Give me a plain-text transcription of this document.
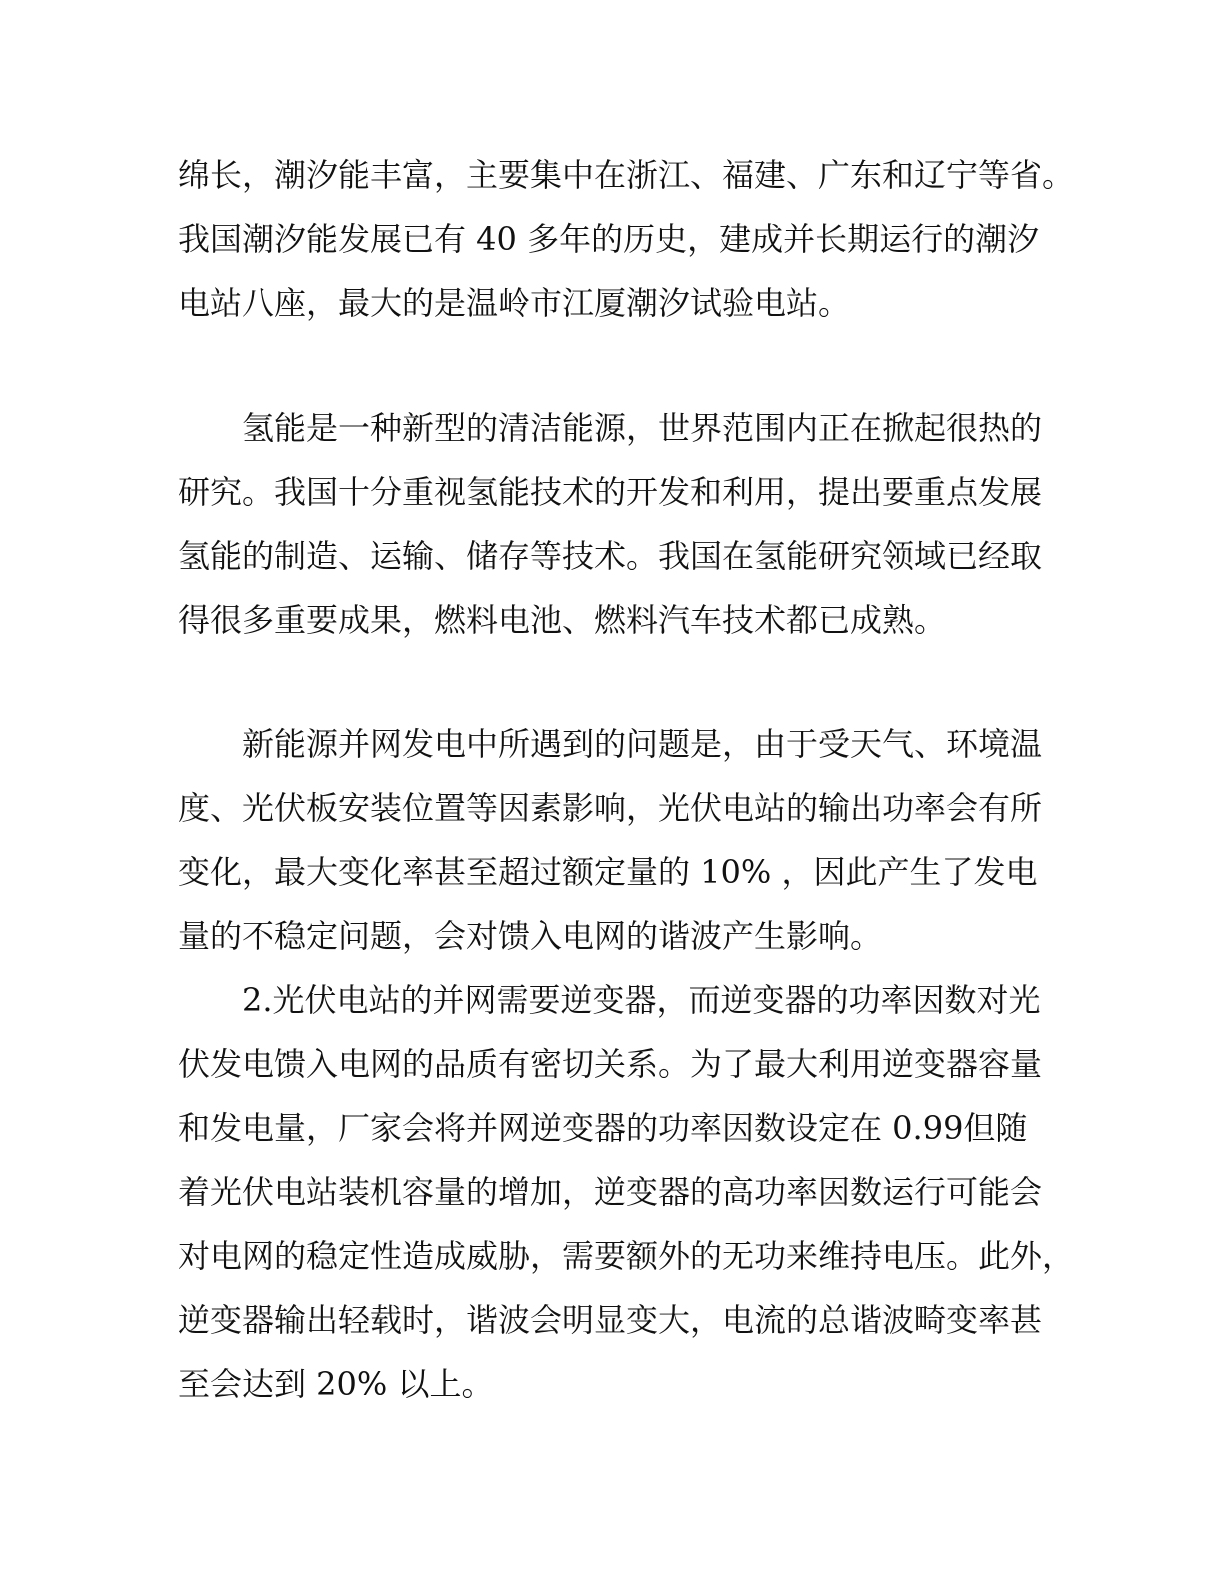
绵长，潮汐能丰富，主要集中在浙江、福建、广东和辽宁等省。
我国潮汐能发展已有 40 多年的历史，建成并长期运行的潮汐
电站八座，最大的是温岭市江厦潮汐试验电站。
氢能是一种新型的清洁能源，世界范围内正在掀起很热的
研究。我国十分重视氢能技术的开发和利用，提出要重点发展
氢能的制造、运输、储存等技术。我国在氢能研究领域已经取
得很多重要成果，燃料电池、燃料汽车技术都已成熟。
新能源并网发电中所遇到的问题是，由于受天气、环境温
度、光伏板安装位置等因素影响，光伏电站的输出功率会有所
变化，最大变化率甚至超过额定量的 10% ，因此产生了发电
量的不稳定问题，会对馈入电网的谐波产生影响。
2.光伏电站的并网需要逆变器，而逆变器的功率因数对光
伏发电馈入电网的品质有密切关系。为了最大利用逆变器容量
和发电量，厂家会将并网逆变器的功率因数设定在 0.99但随
着光伏电站装机容量的增加，逆变器的高功率因数运行可能会
对电网的稳定性造成威胁，需要额外的无功来维持电压。此外，
逆变器输出轻载时，谐波会明显变大，电流的总谐波畸变率甚
至会达到 20% 以上。
